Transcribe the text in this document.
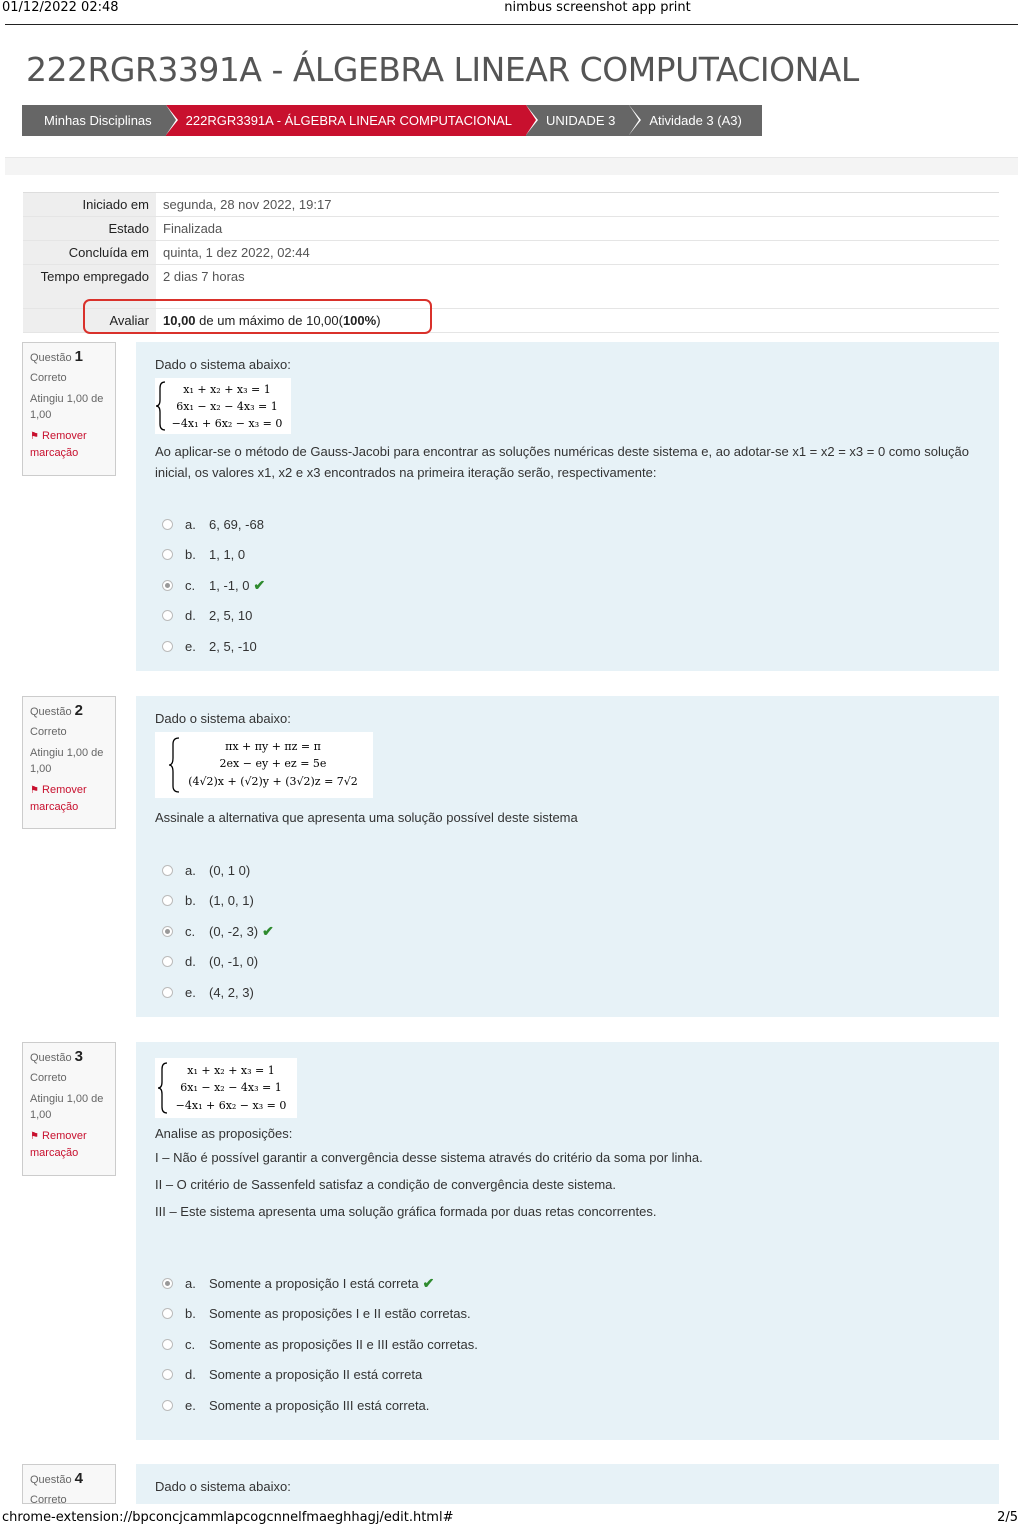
01/12/2022 02:48	nimbus screenshot app print
222RGR3391A - ÁLGEBRA LINEAR COMPUTACIONAL
Minhas Disciplinas	222RGR3391A - ÁLGEBRA LINEAR COMPUTACIONAL	UNIDADE 3	Atividade 3 (A3)
Iniciado em	segunda, 28 nov 2022, 19:17
Estado	Finalizada
Concluída em	quinta, 1 dez 2022, 02:44
Tempo empregado	2 dias 7 horas
Avaliar	10,00 de um máximo de 10,00(100%)
Questão 1
Correto
Atingiu 1,00 de 1,00
⚑ Remover marcação
Dado o sistema abaixo:
x₁ + x₂ + x₃ = 1
6x₁ − x₂ − 4x₃ = 1
−4x₁ + 6x₂ − x₃ = 0
Ao aplicar-se o método de Gauss-Jacobi para encontrar as soluções numéricas deste sistema e, ao adotar-se x1 = x2 = x3 = 0 como solução inicial, os valores x1, x2 e x3 encontrados na primeira iteração serão, respectivamente:
a.	6, 69, -68
b.	1, 1, 0
c.	1, -1, 0 ✔
d.	2, 5, 10
e.	2, 5, -10
Questão 2
Correto
Atingiu 1,00 de 1,00
⚑ Remover marcação
Dado o sistema abaixo:
πx + πy + πz = π
2ex − ey + ez = 5e
(4√2)x + (√2)y + (3√2)z = 7√2
Assinale a alternativa que apresenta uma solução possível deste sistema
a.	(0, 1 0)
b.	(1, 0, 1)
c.	(0, -2, 3) ✔
d.	(0, -1, 0)
e.	(4, 2, 3)
Questão 3
Correto
Atingiu 1,00 de 1,00
⚑ Remover marcação
x₁ + x₂ + x₃ = 1
6x₁ − x₂ − 4x₃ = 1
−4x₁ + 6x₂ − x₃ = 0
Analise as proposições:
I – Não é possível garantir a convergência desse sistema através do critério da soma por linha.
II – O critério de Sassenfeld satisfaz a condição de convergência deste sistema.
III – Este sistema apresenta uma solução gráfica formada por duas retas concorrentes.
a.	Somente a proposição I está correta ✔
b.	Somente as proposições I e II estão corretas.
c.	Somente as proposições II e III estão corretas.
d.	Somente a proposição II está correta
e.	Somente a proposição III está correta.
Questão 4
Correto
Dado o sistema abaixo:
chrome-extension://bpconcjcammlapcogcnnelfmaeghhagj/edit.html#	2/5
